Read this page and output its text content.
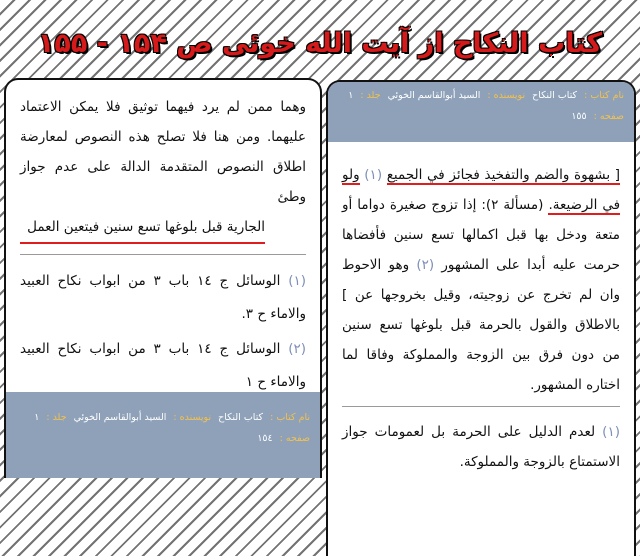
کتاب النکاح از آیت الله خوئی ص ۱۵۴ - ۱۵۵
وهما ممن لم يرد فيهما توثيق فلا يمكن الاعتماد عليهما. ومن هنا فلا تصلح هذه النصوص لمعارضة اطلاق النصوص المتقدمة الدالة على عدم جواز وطئ
الجارية قبل بلوغها تسع سنين فيتعين العمل
(١) الوسائل ج ١٤ باب ٣ من ابواب نكاح العبيد والاماء ح ٣.
(٢) الوسائل ج ١٤ باب ٣ من ابواب نكاح العبيد والاماء ح ١
نام کتاب : کتاب النكاح نويسنده : السيد أبوالقاسم الخوئي جلد : ١
صفحه : ١٥٤
نام کتاب : کتاب النكاح نويسنده : السيد أبوالقاسم الخوئي جلد : ١
صفحه : ١٥٥
[ بشهوة والضم والتفخيذ فجائز في الجميع (١) ولو في الرضيعة. (مسألة ٢): إذا تزوج صغيرة دواما أو متعة ودخل بها قبل اكمالها تسع سنين فأفضاها حرمت عليه أبدا على المشهور (٢) وهو الاحوط وان لم تخرج عن زوجيته، وقيل بخروجها عن ] بالاطلاق والقول بالحرمة قبل بلوغها تسع سنين من دون فرق بين الزوجة والمملوكة وفاقا لما اختاره المشهور.
(١) لعدم الدليل على الحرمة بل لعمومات جواز الاستمتاع بالزوجة والمملوكة.
